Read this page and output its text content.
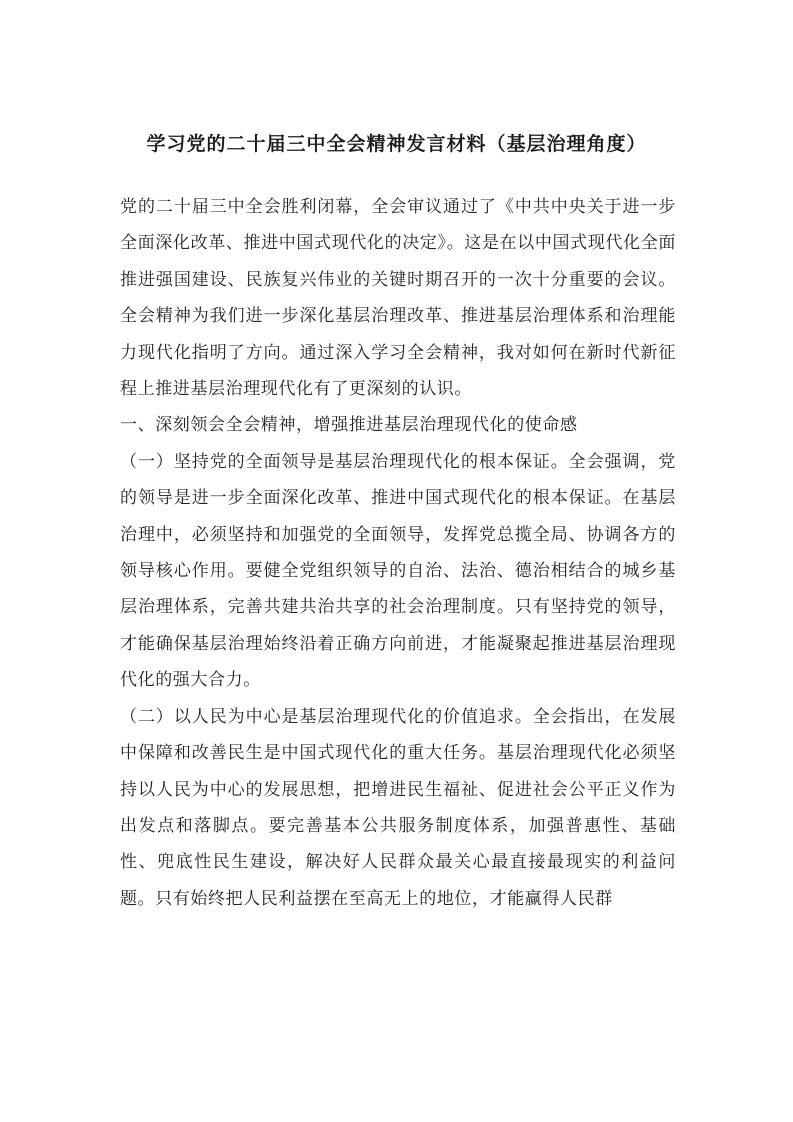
学习党的二十届三中全会精神发言材料（基层治理角度）

党的二十届三中全会胜利闭幕，全会审议通过了《中共中央关于进一步全面深化改革、推进中国式现代化的决定》。这是在以中国式现代化全面推进强国建设、民族复兴伟业的关键时期召开的一次十分重要的会议。全会精神为我们进一步深化基层治理改革、推进基层治理体系和治理能力现代化指明了方向。通过深入学习全会精神，我对如何在新时代新征程上推进基层治理现代化有了更深刻的认识。

一、深刻领会全会精神，增强推进基层治理现代化的使命感

（一）坚持党的全面领导是基层治理现代化的根本保证。全会强调，党的领导是进一步全面深化改革、推进中国式现代化的根本保证。在基层治理中，必须坚持和加强党的全面领导，发挥党总揽全局、协调各方的领导核心作用。要健全党组织领导的自治、法治、德治相结合的城乡基层治理体系，完善共建共治共享的社会治理制度。只有坚持党的领导，才能确保基层治理始终沿着正确方向前进，才能凝聚起推进基层治理现代化的强大合力。

（二）以人民为中心是基层治理现代化的价值追求。全会指出，在发展中保障和改善民生是中国式现代化的重大任务。基层治理现代化必须坚持以人民为中心的发展思想，把增进民生福祉、促进社会公平正义作为出发点和落脚点。要完善基本公共服务制度体系，加强普惠性、基础性、兜底性民生建设，解决好人民群众最关心最直接最现实的利益问题。只有始终把人民利益摆在至高无上的地位，才能赢得人民群
